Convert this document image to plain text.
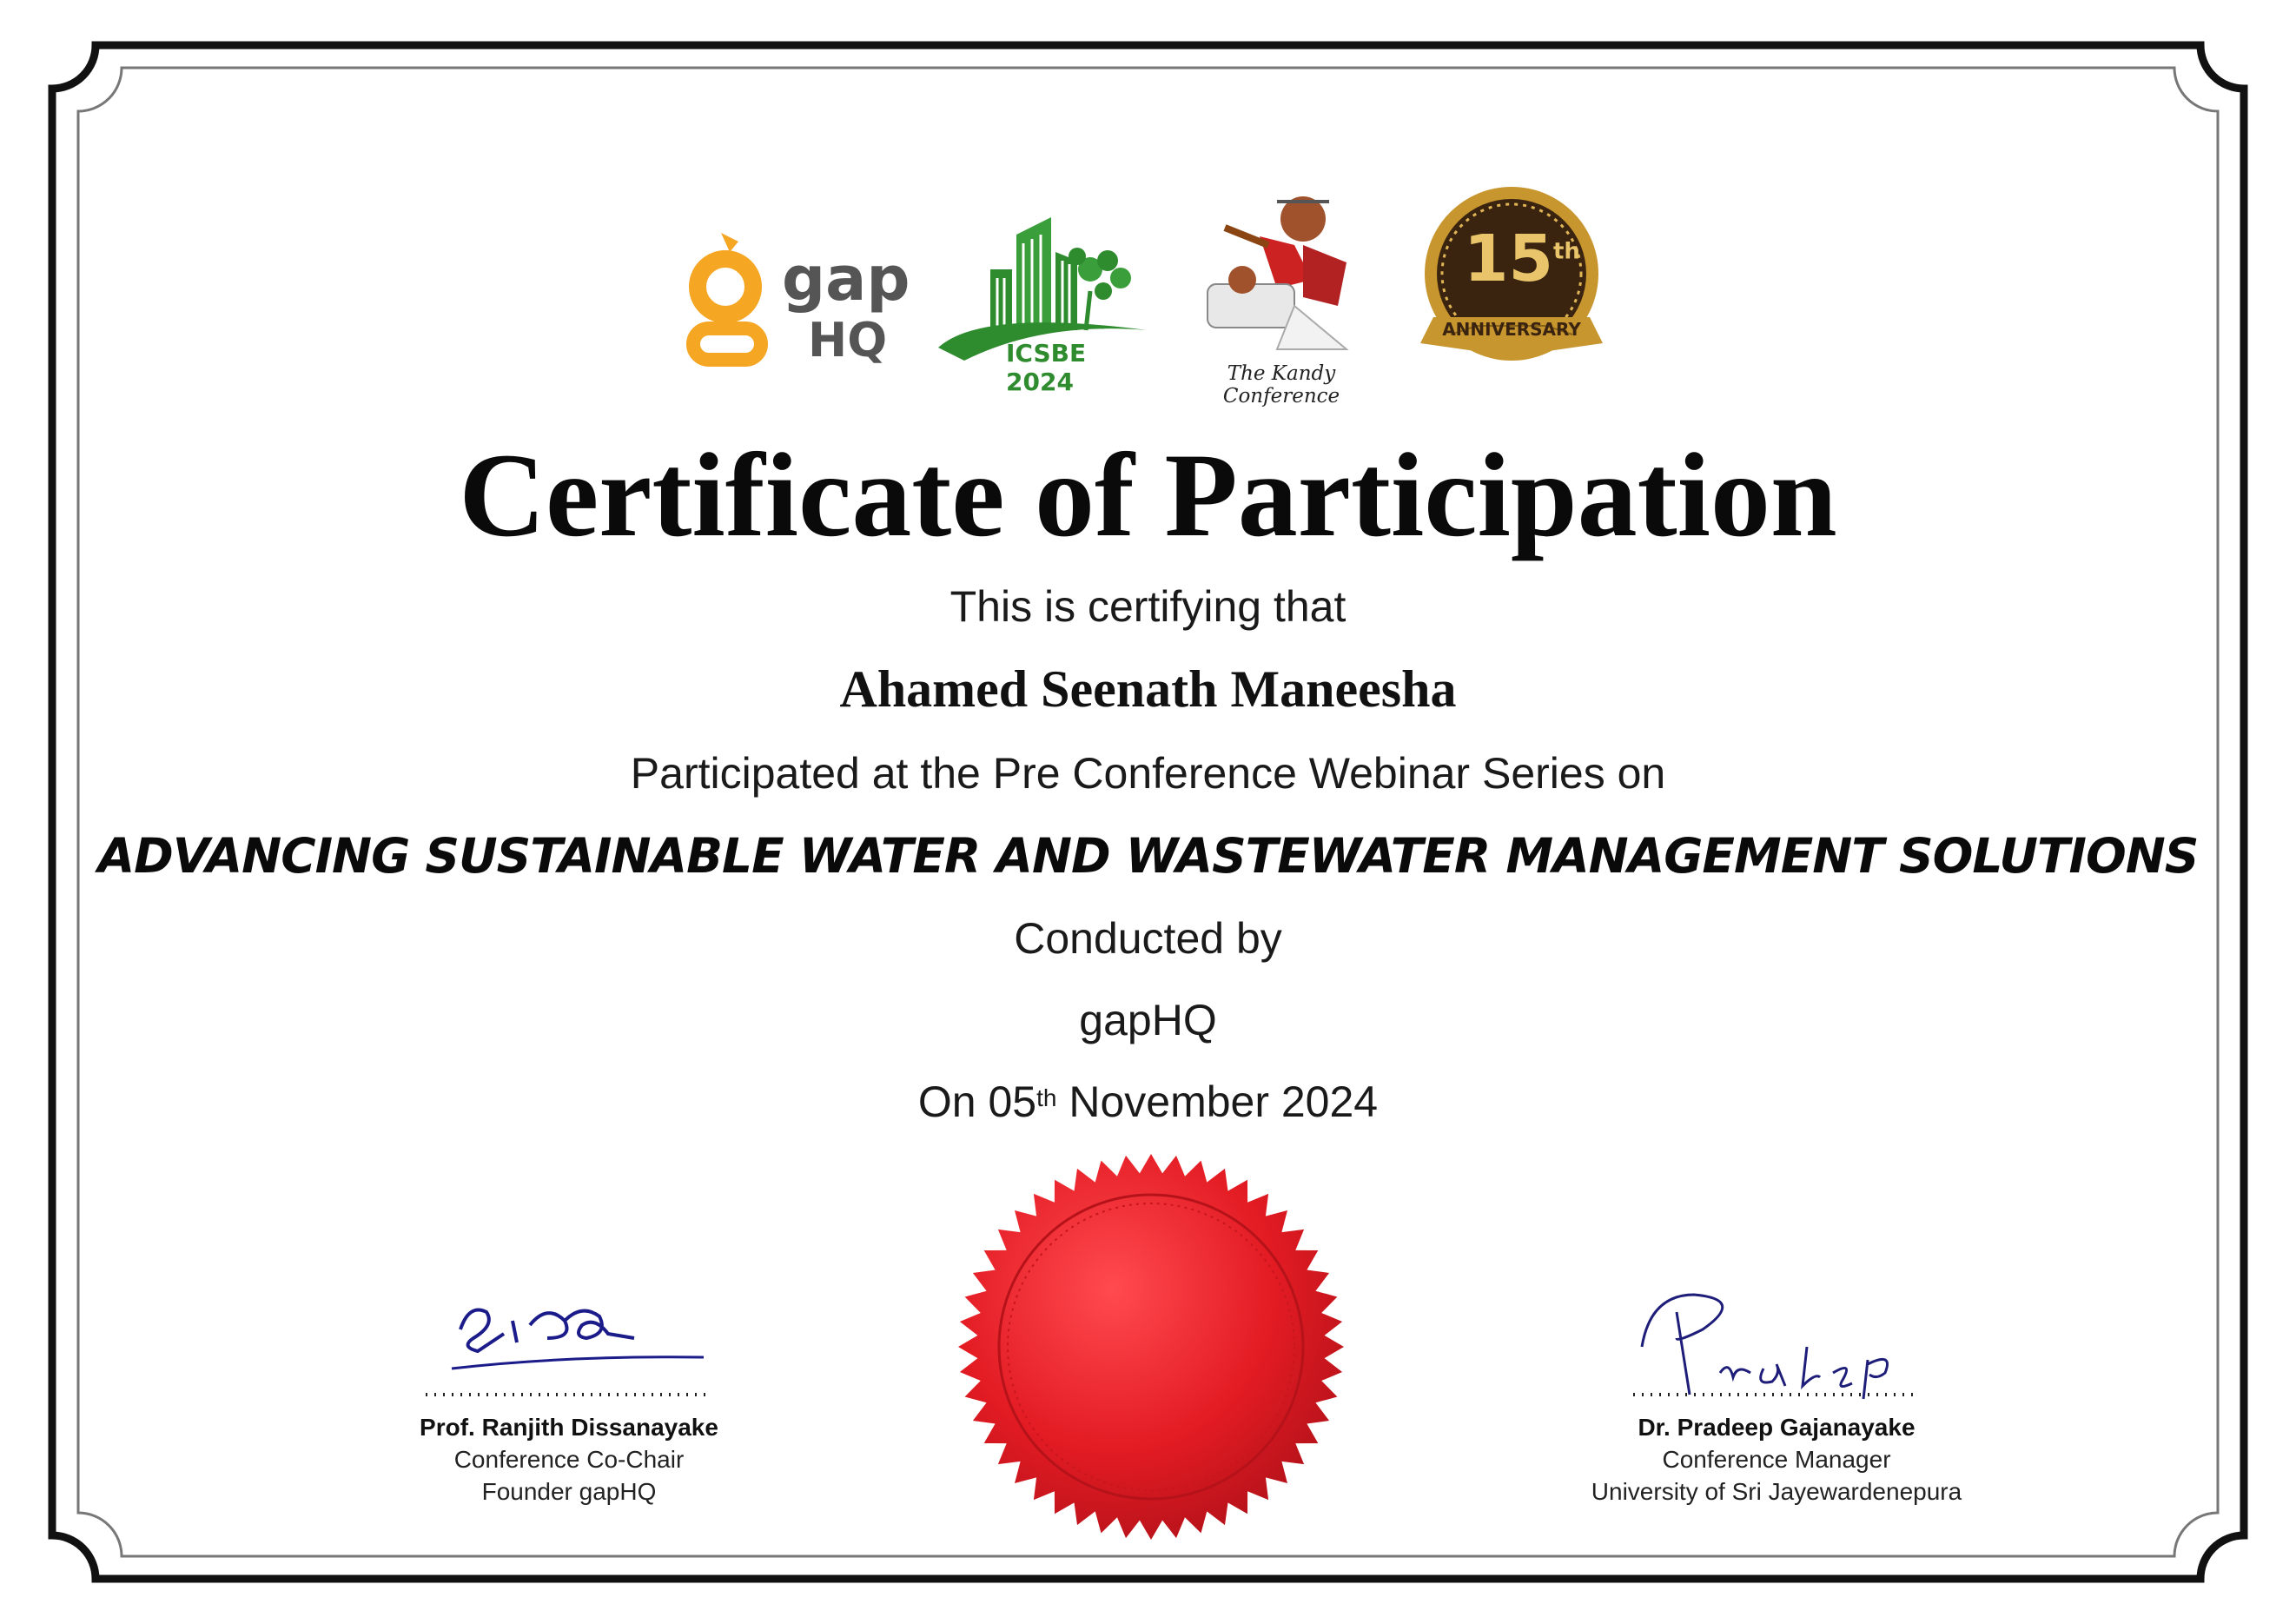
gap
HQ	ICSBE 2024	The Kandy Conference
15th
ANNIVERSARY
Certificate of Participation
This is certifying that
Ahamed Seenath Maneesha
Participated at the Pre Conference Webinar Series on
ADVANCING SUSTAINABLE WATER AND WASTEWATER MANAGEMENT SOLUTIONS
Conducted by
gapHQ
On 05th November 2024
Prof. Ranjith Dissanayake
Conference Co-Chair
Founder gapHQ
Dr. Pradeep Gajanayake
Conference Manager
University of Sri Jayewardenepura
